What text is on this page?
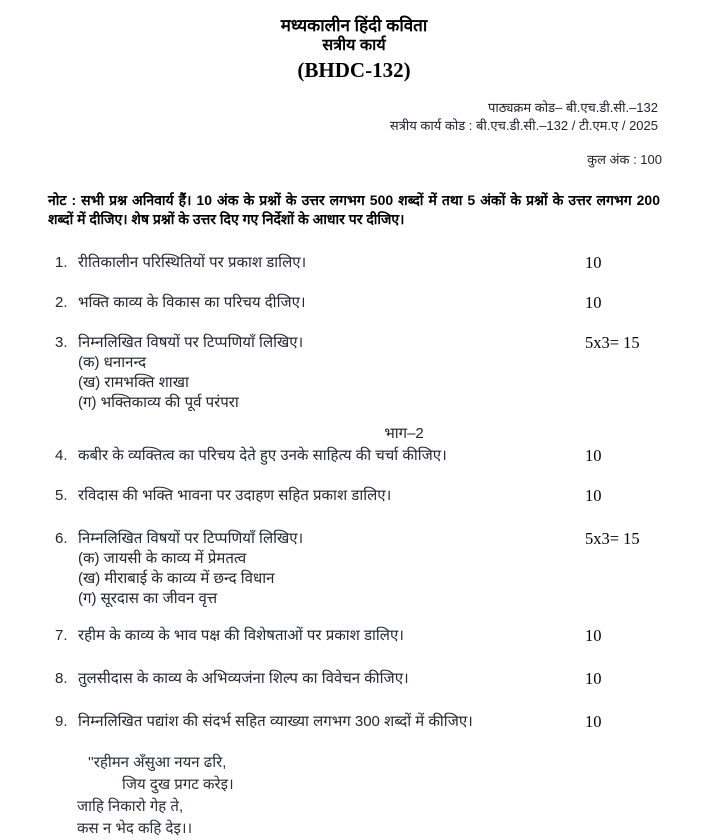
मध्यकालीन हिंदी कविता
सत्रीय कार्य
(BHDC-132)
पाठ्यक्रम कोड– बी.एच.डी.सी.–132
सत्रीय कार्य कोड : बी.एच.डी.सी.–132 / टी.एम.ए / 2025
कुल अंक : 100

नोट : सभी प्रश्न अनिवार्य हैं। 10 अंक के प्रश्नों के उत्तर लगभग 500 शब्दों में तथा 5 अंकों के प्रश्नों के उत्तर लगभग 200 शब्दों में दीजिए। शेष प्रश्नों के उत्तर दिए गए निर्देशों के आधार पर दीजिए।

1. रीतिकालीन परिस्थितियों पर प्रकाश डालिए।	10
2. भक्ति काव्य के विकास का परिचय दीजिए।	10
3. निम्नलिखित विषयों पर टिप्पणियाँ लिखिए।	5x3= 15
(क) धनानन्द
(ख) रामभक्ति शाखा
(ग) भक्तिकाव्य की पूर्व परंपरा
भाग–2
4. कबीर के व्यक्तित्व का परिचय देते हुए उनके साहित्य की चर्चा कीजिए।	10
5. रविदास की भक्ति भावना पर उदाहण सहित प्रकाश डालिए।	10
6. निम्नलिखित विषयों पर टिप्पणियाँ लिखिए।	5x3= 15
(क) जायसी के काव्य में प्रेमतत्व
(ख) मीराबाई के काव्य में छन्द विधान
(ग) सूरदास का जीवन वृत्त
7. रहीम के काव्य के भाव पक्ष की विशेषताओं पर प्रकाश डालिए।	10
8. तुलसीदास के काव्य के अभिव्यजंना शिल्प का विवेचन कीजिए।	10
9. निम्नलिखित पद्यांश की संदर्भ सहित व्याख्या लगभग 300 शब्दों में कीजिए।	10
''रहीमन अँसुआ नयन ढरि,
जिय दुख प्रगट करेइ।
जाहि निकारो गेह ते,
कस न भेद कहि देइ।।
